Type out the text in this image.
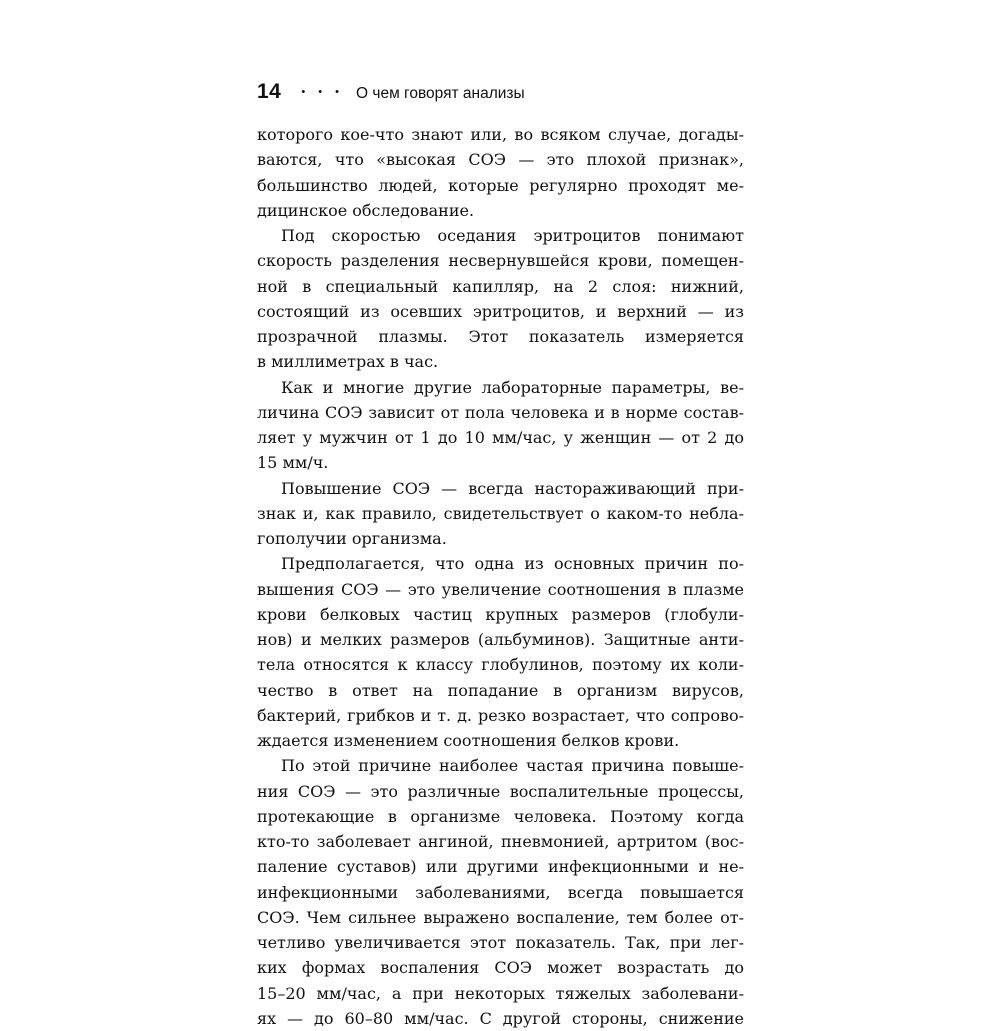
14 • • • О чем говорят анализы
которого кое-что знают или, во всяком случае, догады-
ваются, что «высокая СОЭ — это плохой признак»,
большинство людей, которые регулярно проходят ме-
дицинское обследование.
Под скоростью оседания эритроцитов понимают
скорость разделения несвернувшейся крови, помещен-
ной в специальный капилляр, на 2 слоя: нижний,
состоящий из осевших эритроцитов, и верхний — из
прозрачной плазмы. Этот показатель измеряется
в миллиметрах в час.
Как и многие другие лабораторные параметры, ве-
личина СОЭ зависит от пола человека и в норме состав-
ляет у мужчин от 1 до 10 мм/час, у женщин — от 2 до
15 мм/ч.
Повышение СОЭ — всегда настораживающий при-
знак и, как правило, свидетельствует о каком-то небла-
гополучии организма.
Предполагается, что одна из основных причин по-
вышения СОЭ — это увеличение соотношения в плазме
крови белковых частиц крупных размеров (глобули-
нов) и мелких размеров (альбуминов). Защитные анти-
тела относятся к классу глобулинов, поэтому их коли-
чество в ответ на попадание в организм вирусов,
бактерий, грибков и т. д. резко возрастает, что сопрово-
ждается изменением соотношения белков крови.
По этой причине наиболее частая причина повыше-
ния СОЭ — это различные воспалительные процессы,
протекающие в организме человека. Поэтому когда
кто-то заболевает ангиной, пневмонией, артритом (вос-
паление суставов) или другими инфекционными и не-
инфекционными заболеваниями, всегда повышается
СОЭ. Чем сильнее выражено воспаление, тем более от-
четливо увеличивается этот показатель. Так, при лег-
ких формах воспаления СОЭ может возрастать до
15–20 мм/час, а при некоторых тяжелых заболевани-
ях — до 60–80 мм/час. С другой стороны, снижение
